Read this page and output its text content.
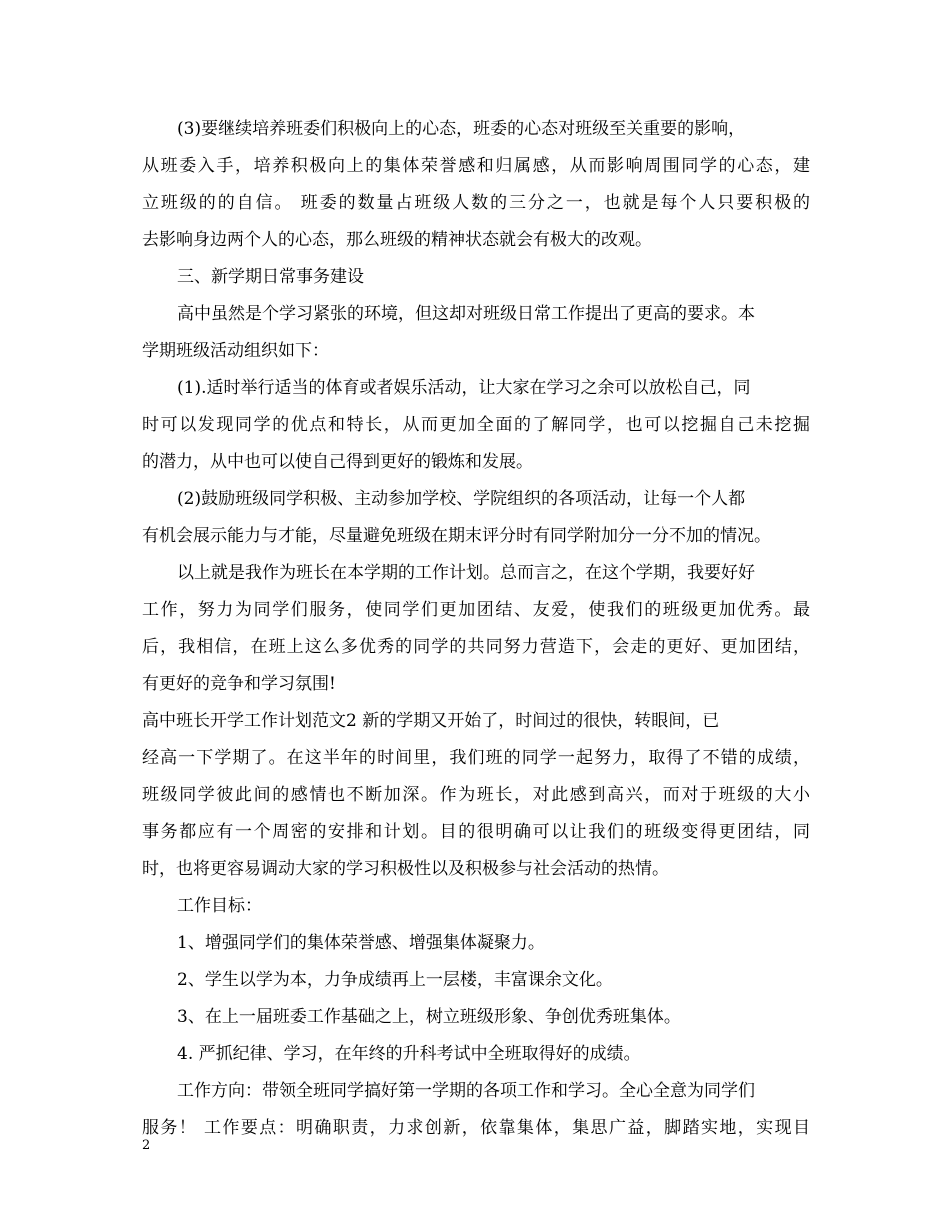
(3)要继续培养班委们积极向上的心态，班委的心态对班级至关重要的影响，
从班委入手，培养积极向上的集体荣誉感和归属感，从而影响周围同学的心态，建
立班级的的自信。 班委的数量占班级人数的三分之一，也就是每个人只要积极的
去影响身边两个人的心态，那么班级的精神状态就会有极大的改观。
三、新学期日常事务建设
高中虽然是个学习紧张的环境，但这却对班级日常工作提出了更高的要求。本
学期班级活动组织如下：
(1).适时举行适当的体育或者娱乐活动，让大家在学习之余可以放松自己，同
时可以发现同学的优点和特长，从而更加全面的了解同学，也可以挖掘自己未挖掘
的潜力，从中也可以使自己得到更好的锻炼和发展。
(2)鼓励班级同学积极、主动参加学校、学院组织的各项活动，让每一个人都
有机会展示能力与才能，尽量避免班级在期末评分时有同学附加分一分不加的情况。
以上就是我作为班长在本学期的工作计划。总而言之，在这个学期，我要好好
工作，努力为同学们服务，使同学们更加团结、友爱，使我们的班级更加优秀。最
后，我相信，在班上这么多优秀的同学的共同努力营造下，会走的更好、更加团结，
有更好的竞争和学习氛围!
高中班长开学工作计划范文2 新的学期又开始了，时间过的很快，转眼间，已
经高一下学期了。在这半年的时间里，我们班的同学一起努力，取得了不错的成绩，
班级同学彼此间的感情也不断加深。作为班长，对此感到高兴，而对于班级的大小
事务都应有一个周密的安排和计划。目的很明确可以让我们的班级变得更团结，同
时，也将更容易调动大家的学习积极性以及积极参与社会活动的热情。
工作目标：
1、增强同学们的集体荣誉感、增强集体凝聚力。
2、学生以学为本，力争成绩再上一层楼，丰富课余文化。
3、在上一届班委工作基础之上，树立班级形象、争创优秀班集体。
4. 严抓纪律、学习，在年终的升科考试中全班取得好的成绩。
工作方向：带领全班同学搞好第一学期的各项工作和学习。全心全意为同学们
服务！ 工作要点：明确职责，力求创新，依靠集体，集思广益，脚踏实地，实现目
2
